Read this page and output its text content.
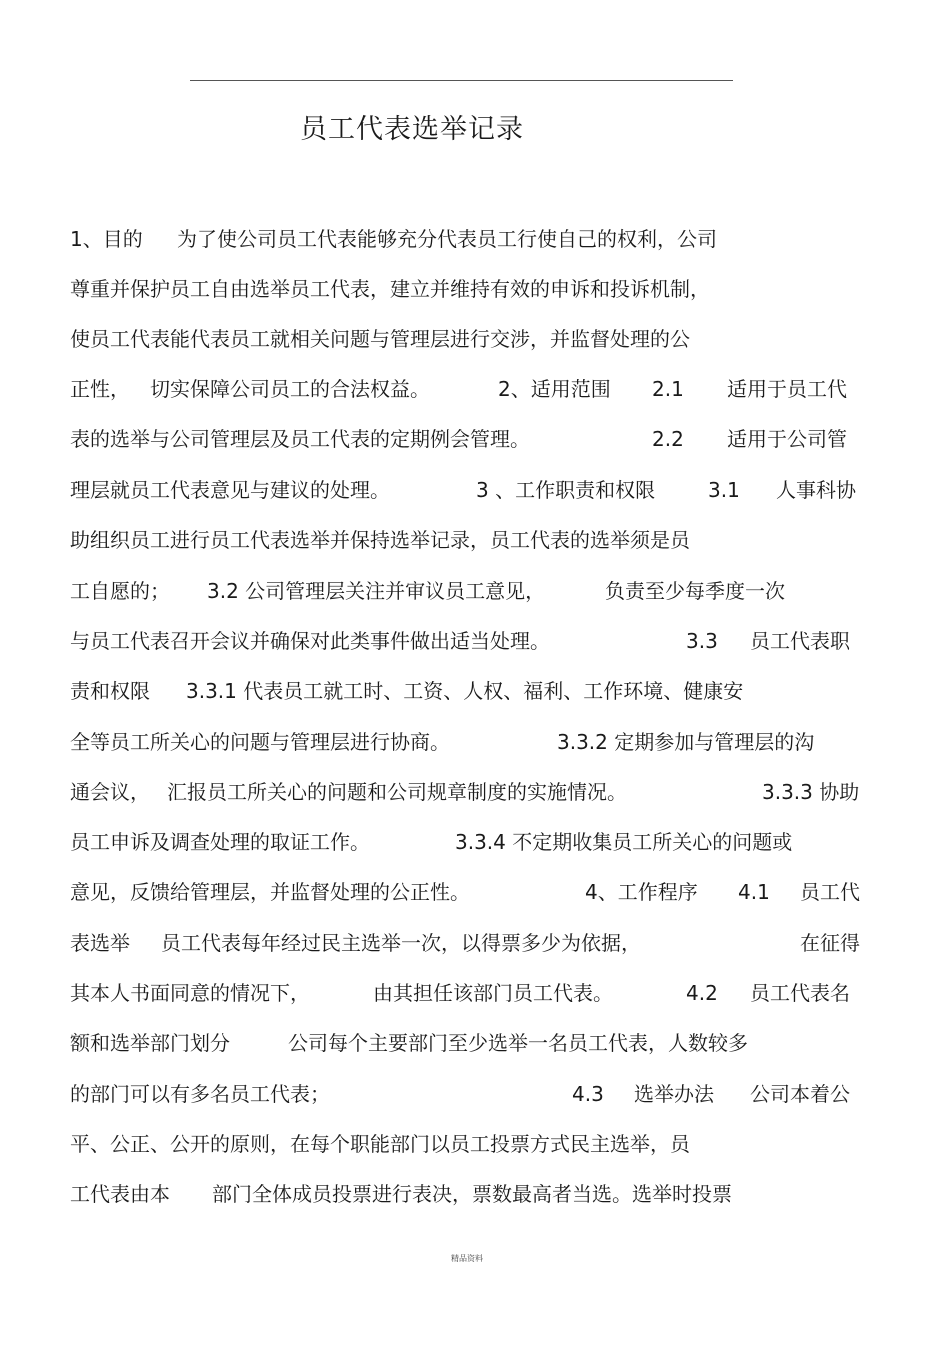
员工代表选举记录
1、目的 为了使公司员工代表能够充分代表员工行使自己的权利，公司
尊重并保护员工自由选举员工代表，建立并维持有效的申诉和投诉机制，
使员工代表能代表员工就相关问题与管理层进行交涉，并监督处理的公
正性， 切实保障公司员工的合法权益。	2、适用范围 2.1 适用于员工代
表的选举与公司管理层及员工代表的定期例会管理。	2.2 适用于公司管
理层就员工代表意见与建议的处理。	3 、工作职责和权限	3.1 人事科协
助组织员工进行员工代表选举并保持选举记录，员工代表的选举须是员
工自愿的； 3.2 公司管理层关注并审议员工意见，	负责至少每季度一次
与员工代表召开会议并确保对此类事件做出适当处理。	3.3 员工代表职
责和权限 3.3.1 代表员工就工时、工资、人权、福利、工作环境、健康安
全等员工所关心的问题与管理层进行协商。	3.3.2 定期参加与管理层的沟
通会议， 汇报员工所关心的问题和公司规章制度的实施情况。	3.3.3 协助
员工申诉及调查处理的取证工作。	3.3.4 不定期收集员工所关心的问题或
意见，反馈给管理层，并监督处理的公正性。	4、工作程序 4.1 员工代
表选举 员工代表每年经过民主选举一次，以得票多少为依据，	在征得
其本人书面同意的情况下，	由其担任该部门员工代表。	4.2 员工代表名
额和选举部门划分	公司每个主要部门至少选举一名员工代表，人数较多
的部门可以有多名员工代表；	4.3 选举办法 公司本着公
平、公正、公开的原则，在每个职能部门以员工投票方式民主选举，员
工代表由本 部门全体成员投票进行表决，票数最高者当选。选举时投票
精品资料
